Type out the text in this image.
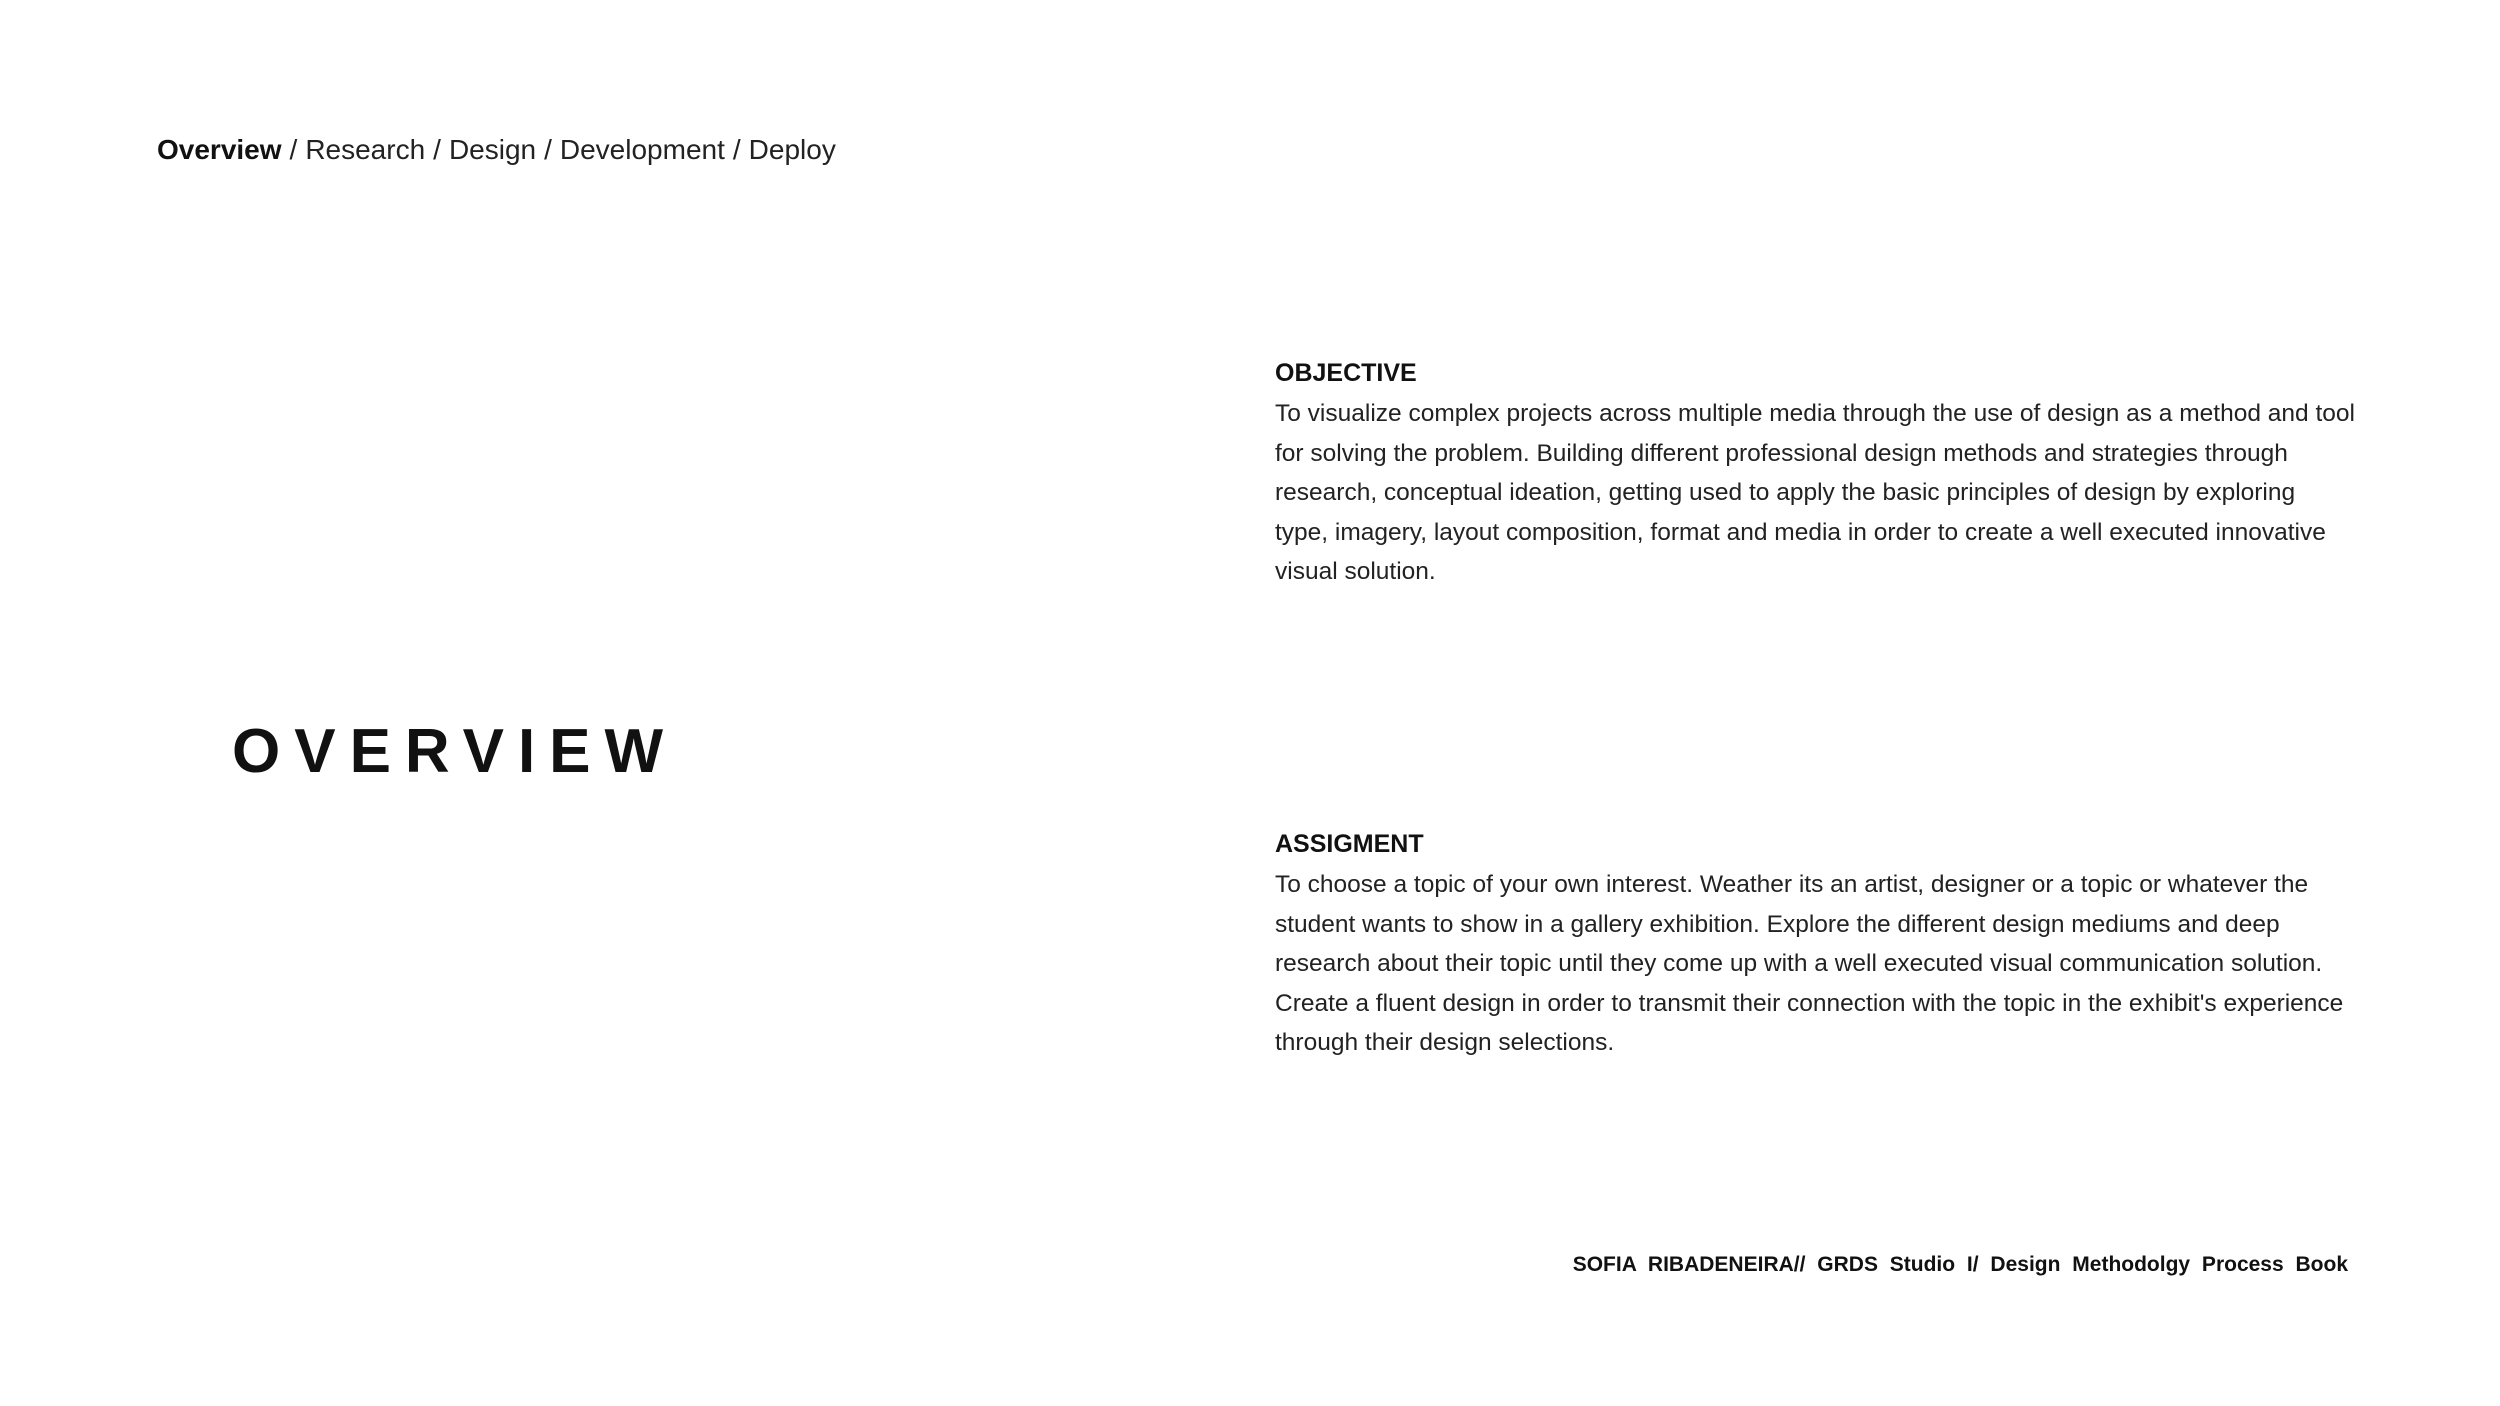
Overview / Research / Design / Development / Deploy
OVERVIEW
OBJECTIVE

To visualize complex projects across multiple media through the use of design as a method and tool for solving the problem. Building different professional design methods and strategies through research, conceptual ideation, getting used to apply the basic principles of design by exploring type, imagery, layout composition, format and media in order to create a well executed innovative visual solution.

ASSIGMENT

To choose a topic of your own interest. Weather its an artist, designer or a topic or whatever the student wants to show in a gallery exhibition. Explore the different design mediums and deep research about their topic until they come up with a well executed visual communication solution. Create a fluent design in order to transmit their connection with the topic in the exhibit's experience through their design selections.

SOFIA RIBADENEIRA// GRDS Studio I/ Design Methodolgy Process Book
